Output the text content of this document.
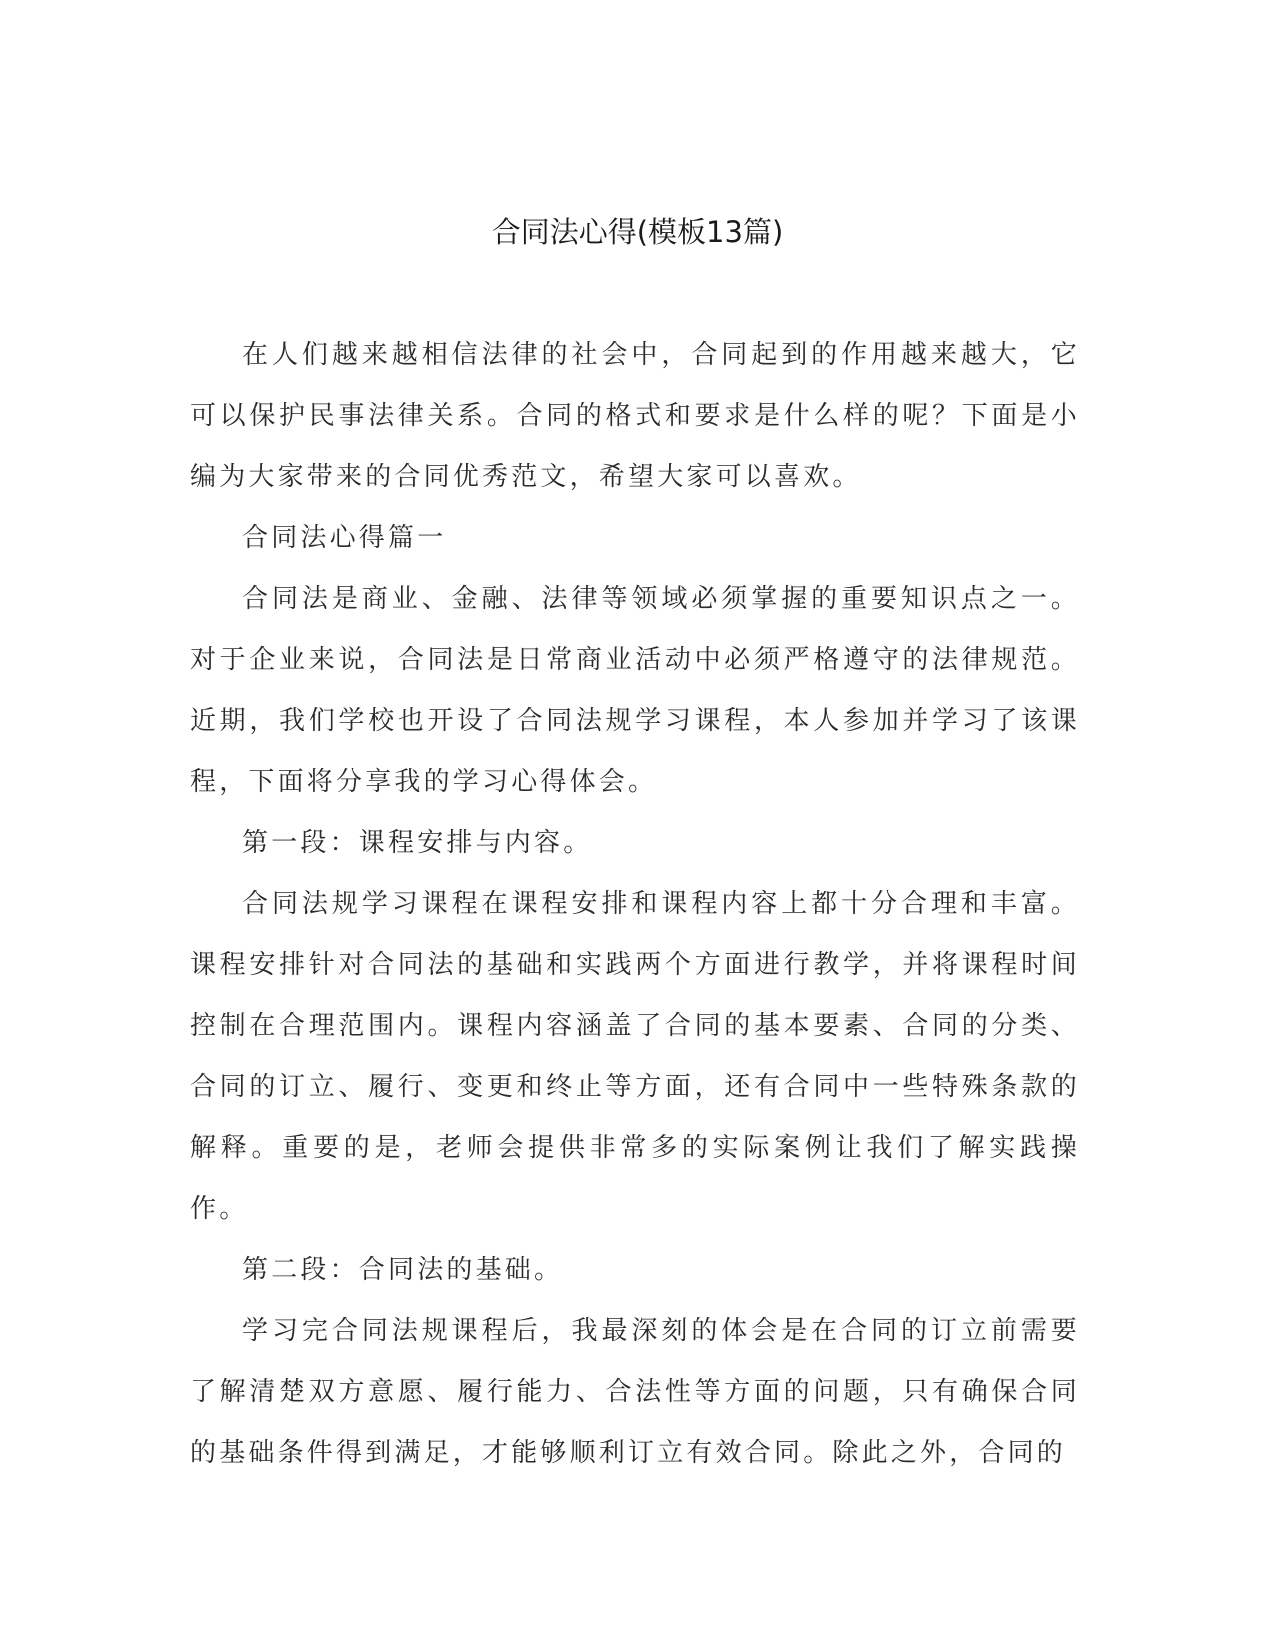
合同法心得(模板13篇)

在人们越来越相信法律的社会中，合同起到的作用越来越大，它可以保护民事法律关系。合同的格式和要求是什么样的呢？下面是小编为大家带来的合同优秀范文，希望大家可以喜欢。

合同法心得篇一

合同法是商业、金融、法律等领域必须掌握的重要知识点之一。对于企业来说，合同法是日常商业活动中必须严格遵守的法律规范。近期，我们学校也开设了合同法规学习课程，本人参加并学习了该课程，下面将分享我的学习心得体会。

第一段：课程安排与内容。

合同法规学习课程在课程安排和课程内容上都十分合理和丰富。课程安排针对合同法的基础和实践两个方面进行教学，并将课程时间控制在合理范围内。课程内容涵盖了合同的基本要素、合同的分类、合同的订立、履行、变更和终止等方面，还有合同中一些特殊条款的解释。重要的是，老师会提供非常多的实际案例让我们了解实践操作。

第二段：合同法的基础。

学习完合同法规课程后，我最深刻的体会是在合同的订立前需要了解清楚双方意愿、履行能力、合法性等方面的问题，只有确保合同的基础条件得到满足，才能够顺利订立有效合同。除此之外，合同的
